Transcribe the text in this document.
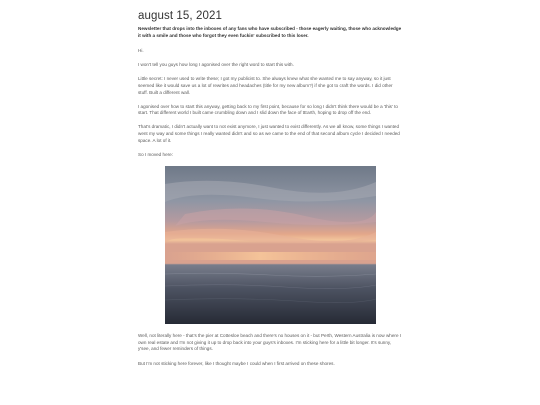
august 15, 2021

Newsletter that drops into the inboxes of any fans who have subscribed - those eagerly waiting, those who acknowledge it with a smile and those who forgot they even fuckin' subscribed to this loser.

Hi.

I won't tell you guys how long I agonised over the right word to start this with.

Little secret: I never used to write these; I got my publicist to. She always knew what she wanted me to say anyway, so it just seemed like it would save us a lot of rewrites and headaches (title for my new album?) if she got to craft the words. I did other stuff. Built a different wall.

I agonised over how to start this anyway, getting back to my first point, because for so long I didn't think there would be a 'this' to start. That different world I built came crumbling down and I slid down the face of tEarth, hoping to drop off the end.

That's dramatic, I didn't actually want to not exist anymore, I just wanted to exist differently. As we all know, some things I wanted went my way and some things I really wanted didn't and so as we came to the end of that second album cycle I decided I needed space. A lot of it.

So I moved here:

Well, not literally here - that's the pier at Cottesloe beach and there's no houses on it - but Perth, Western Australia is now where I own real estate and I'm not giving it up to drop back into your guys's inboxes. I'm sticking here for a little bit longer. It's sunny, y'see, and fewer reminders of things.

But I'm not sticking here forever, like I thought maybe I could when I first arrived on these shores.
